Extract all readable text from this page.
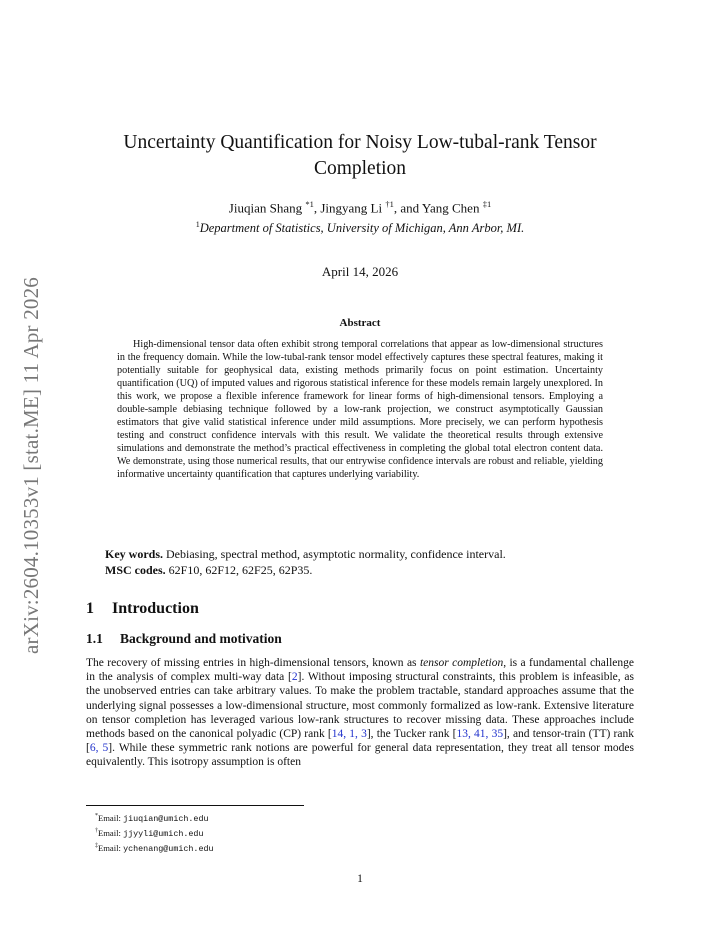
arXiv:2604.10353v1 [stat.ME] 11 Apr 2026
Uncertainty Quantification for Noisy Low-tubal-rank Tensor Completion
Jiuqian Shang $^{*1}$, Jingyang Li $^{\dagger 1}$, and Yang Chen $^{\ddagger 1}$
$^1$Department of Statistics, University of Michigan, Ann Arbor, MI.
April 14, 2026
Abstract
High-dimensional tensor data often exhibit strong temporal correlations that appear as low-dimensional structures in the frequency domain. While the low-tubal-rank tensor model effectively captures these spectral features, making it potentially suitable for geophysical data, existing methods primarily focus on point estimation. Uncertainty quantification (UQ) of imputed values and rigorous statistical inference for these models remain largely unexplored. In this work, we propose a flexible inference framework for linear forms of high-dimensional tensors. Employing a double-sample debiasing technique followed by a low-rank projection, we construct asymptotically Gaussian estimators that give valid statistical inference under mild assumptions. More precisely, we can perform hypothesis testing and construct confidence intervals with this result. We validate the theoretical results through extensive simulations and demonstrate the method’s practical effectiveness in completing the global total electron content data. We demonstrate, using those numerical results, that our entrywise confidence intervals are robust and reliable, yielding informative uncertainty quantification that captures underlying variability.
Key words. Debiasing, spectral method, asymptotic normality, confidence interval.
MSC codes. 62F10, 62F12, 62F25, 62P35.
1 Introduction
1.1 Background and motivation
The recovery of missing entries in high-dimensional tensors, known as tensor completion, is a fundamental challenge in the analysis of complex multi-way data [2]. Without imposing structural constraints, this problem is infeasible, as the unobserved entries can take arbitrary values. To make the problem tractable, standard approaches assume that the underlying signal possesses a low-dimensional structure, most commonly formalized as low-rank. Extensive literature on tensor completion has leveraged various low-rank structures to recover missing data. These approaches include methods based on the canonical polyadic (CP) rank [14, 1, 3], the Tucker rank [13, 41, 35], and tensor-train (TT) rank [6, 5]. While these symmetric rank notions are powerful for general data representation, they treat all tensor modes equivalently. This isotropy assumption is often
*Email: jiuqian@umich.edu
†Email: jjyyli@umich.edu
‡Email: ychenang@umich.edu
1
